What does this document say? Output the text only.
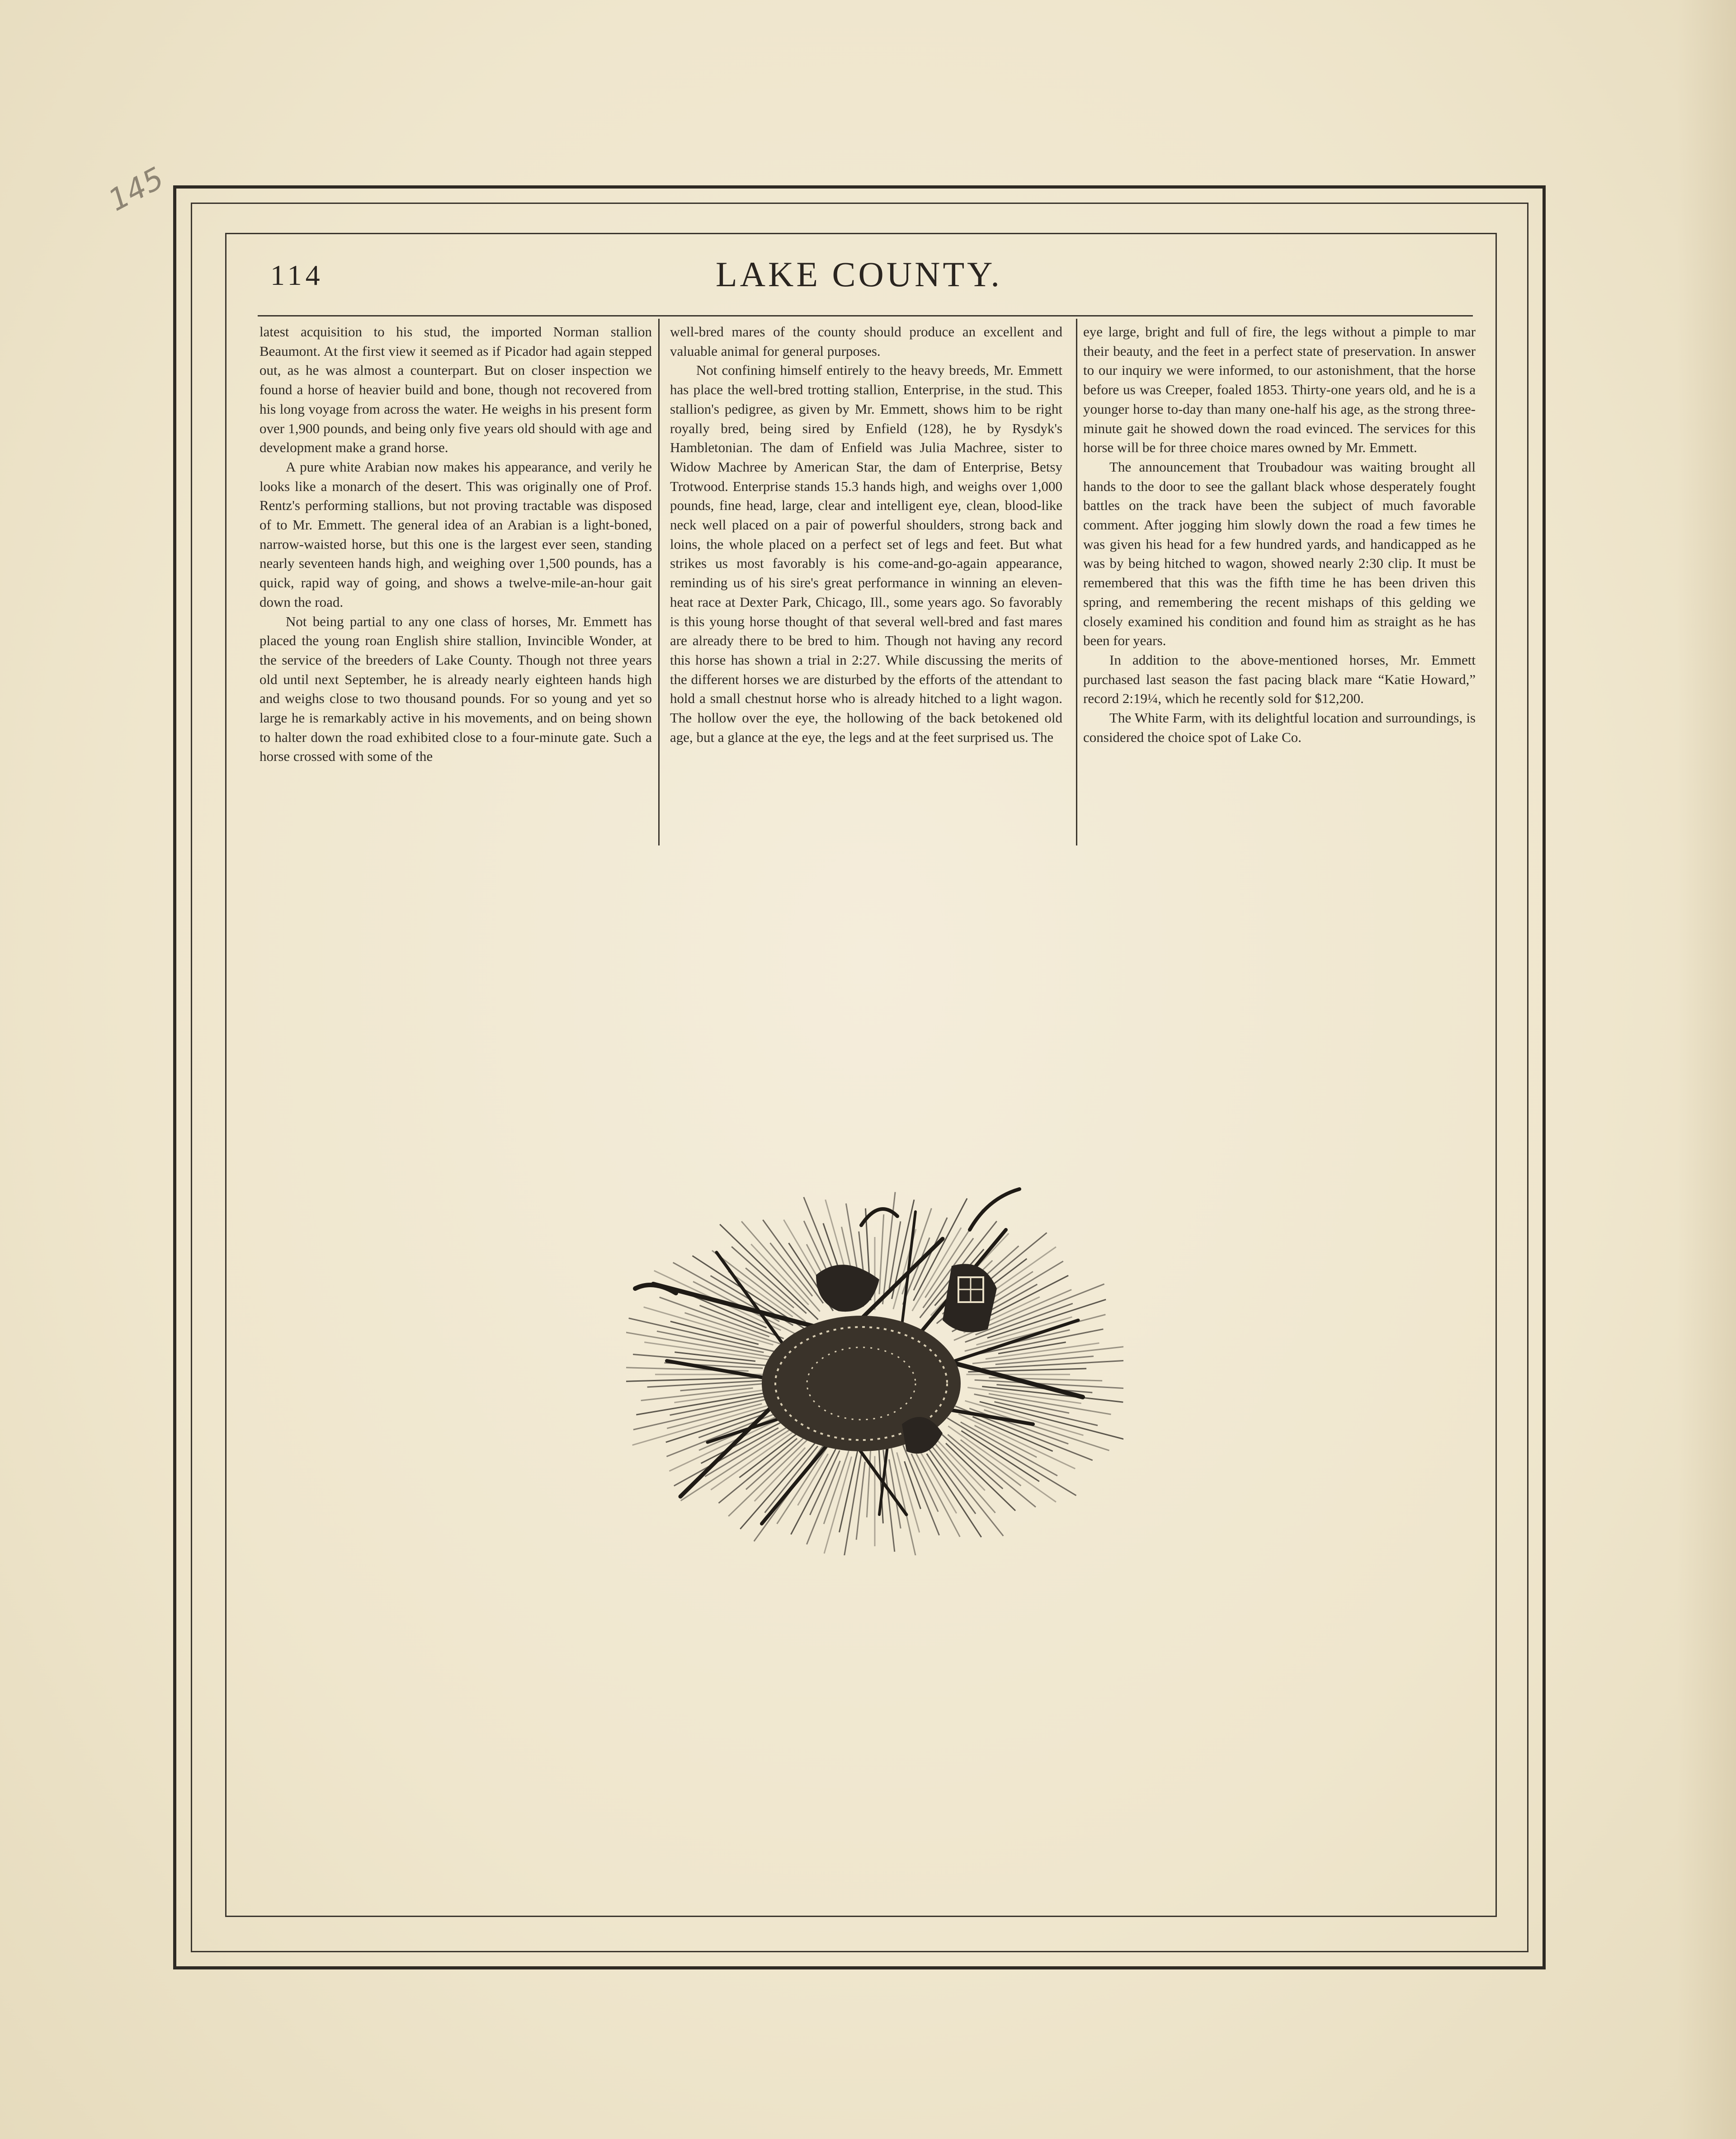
145
114	LAKE COUNTY.

latest acquisition to his stud, the imported Norman stallion Beaumont. At the first view it seemed as if Picador had again stepped out, as he was almost a counterpart. But on closer inspection we found a horse of heavier build and bone, though not recovered from his long voyage from across the water. He weighs in his present form over 1,900 pounds, and being only five years old should with age and development make a grand horse.

A pure white Arabian now makes his appearance, and verily he looks like a monarch of the desert. This was originally one of Prof. Rentz's performing stallions, but not proving tractable was disposed of to Mr. Emmett. The general idea of an Arabian is a light-boned, narrow-waisted horse, but this one is the largest ever seen, standing nearly seventeen hands high, and weighing over 1,500 pounds, has a quick, rapid way of going, and shows a twelve-mile-an-hour gait down the road.

Not being partial to any one class of horses, Mr. Emmett has placed the young roan English shire stallion, Invincible Wonder, at the service of the breeders of Lake County. Though not three years old until next September, he is already nearly eighteen hands high and weighs close to two thousand pounds. For so young and yet so large he is remarkably active in his movements, and on being shown to halter down the road exhibited close to a four-minute gate. Such a horse crossed with some of the

well-bred mares of the county should produce an excellent and valuable animal for general purposes.

Not confining himself entirely to the heavy breeds, Mr. Emmett has place the well-bred trotting stallion, Enterprise, in the stud. This stallion's pedigree, as given by Mr. Emmett, shows him to be right royally bred, being sired by Enfield (128), he by Rysdyk's Hambletonian. The dam of Enfield was Julia Machree, sister to Widow Machree by American Star, the dam of Enterprise, Betsy Trotwood. Enterprise stands 15.3 hands high, and weighs over 1,000 pounds, fine head, large, clear and intelligent eye, clean, blood-like neck well placed on a pair of powerful shoulders, strong back and loins, the whole placed on a perfect set of legs and feet. But what strikes us most favorably is his come-and-go-again appearance, reminding us of his sire's great performance in winning an eleven-heat race at Dexter Park, Chicago, Ill., some years ago. So favorably is this young horse thought of that several well-bred and fast mares are already there to be bred to him. Though not having any record this horse has shown a trial in 2:27. While discussing the merits of the different horses we are disturbed by the efforts of the attendant to hold a small chestnut horse who is already hitched to a light wagon. The hollow over the eye, the hollowing of the back betokened old age, but a glance at the eye, the legs and at the feet surprised us. The

eye large, bright and full of fire, the legs without a pimple to mar their beauty, and the feet in a perfect state of preservation. In answer to our inquiry we were informed, to our astonishment, that the horse before us was Creeper, foaled 1853. Thirty-one years old, and he is a younger horse to-day than many one-half his age, as the strong three-minute gait he showed down the road evinced. The services for this horse will be for three choice mares owned by Mr. Emmett.

The announcement that Troubadour was waiting brought all hands to the door to see the gallant black whose desperately fought battles on the track have been the subject of much favorable comment. After jogging him slowly down the road a few times he was given his head for a few hundred yards, and handicapped as he was by being hitched to wagon, showed nearly 2:30 clip. It must be remembered that this was the fifth time he has been driven this spring, and remembering the recent mishaps of this gelding we closely examined his condition and found him as straight as he has been for years.

In addition to the above-mentioned horses, Mr. Emmett purchased last season the fast pacing black mare “Katie Howard,” record 2:19¼, which he recently sold for $12,200.

The White Farm, with its delightful location and surroundings, is considered the choice spot of Lake Co.
